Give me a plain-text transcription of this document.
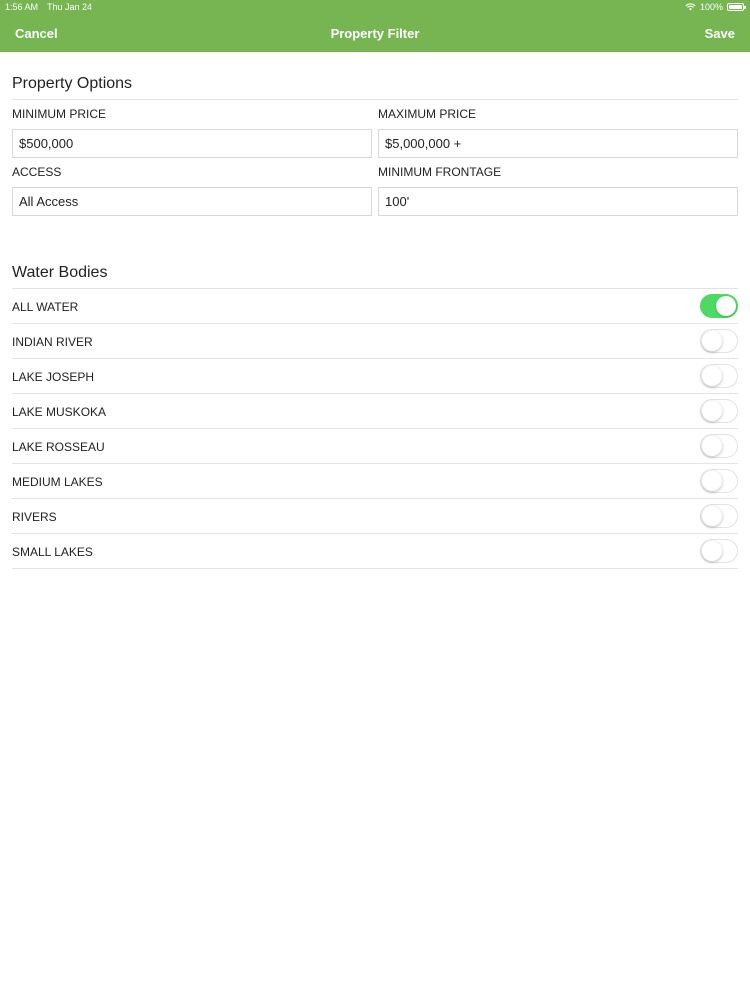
1:56 AM Thu Jan 24	100%
Cancel	Property Filter	Save
Property Options
MINIMUM PRICE
$500,000
MAXIMUM PRICE
$5,000,000 +
ACCESS
All Access
MINIMUM FRONTAGE
100'
Water Bodies
ALL WATER
INDIAN RIVER
LAKE JOSEPH
LAKE MUSKOKA
LAKE ROSSEAU
MEDIUM LAKES
RIVERS
SMALL LAKES
